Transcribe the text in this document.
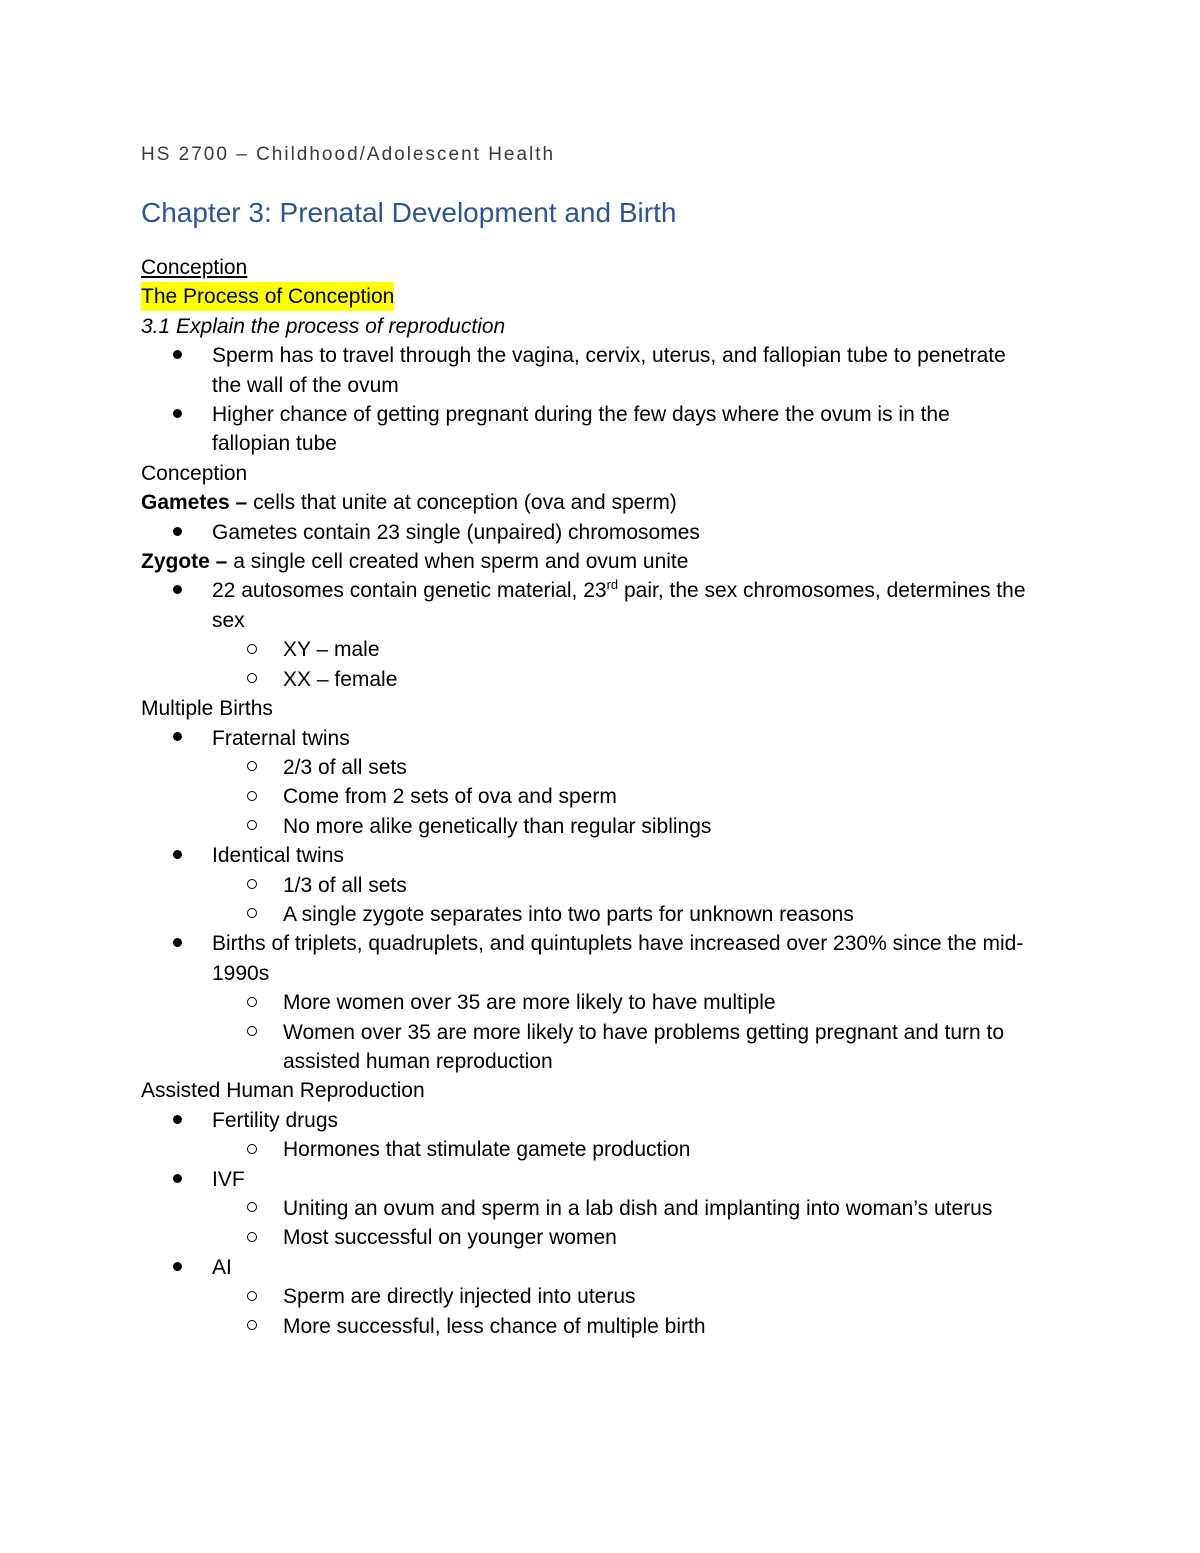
HS 2700 – Childhood/Adolescent Health
Chapter 3: Prenatal Development and Birth
Conception
The Process of Conception
3.1 Explain the process of reproduction
Sperm has to travel through the vagina, cervix, uterus, and fallopian tube to penetrate
the wall of the ovum
Higher chance of getting pregnant during the few days where the ovum is in the
fallopian tube
Conception
Gametes – cells that unite at conception (ova and sperm)
Gametes contain 23 single (unpaired) chromosomes
Zygote – a single cell created when sperm and ovum unite
22 autosomes contain genetic material, 23rd pair, the sex chromosomes, determines the
sex
XY – male
XX – female
Multiple Births
Fraternal twins
2/3 of all sets
Come from 2 sets of ova and sperm
No more alike genetically than regular siblings
Identical twins
1/3 of all sets
A single zygote separates into two parts for unknown reasons
Births of triplets, quadruplets, and quintuplets have increased over 230% since the mid-
1990s
More women over 35 are more likely to have multiple
Women over 35 are more likely to have problems getting pregnant and turn to
assisted human reproduction
Assisted Human Reproduction
Fertility drugs
Hormones that stimulate gamete production
IVF
Uniting an ovum and sperm in a lab dish and implanting into woman’s uterus
Most successful on younger women
AI
Sperm are directly injected into uterus
More successful, less chance of multiple birth
